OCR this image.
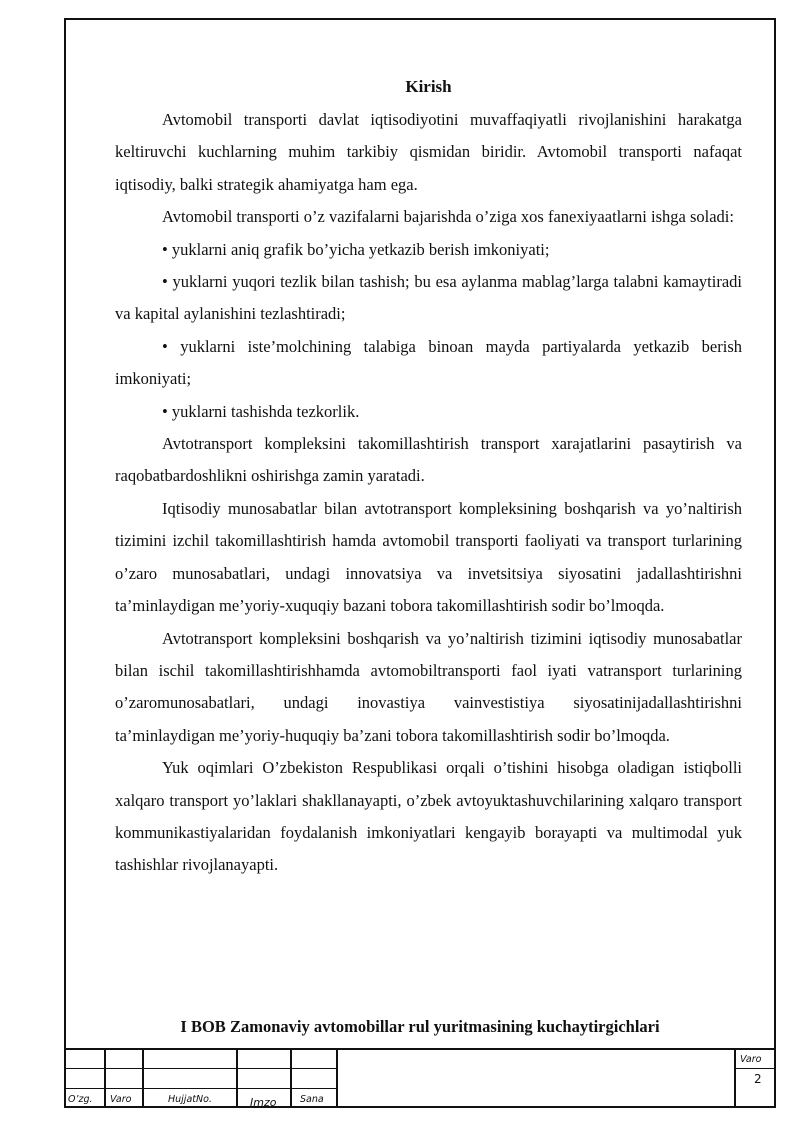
Kirish

Avtomobil transporti davlat iqtisodiyotini muvaffaqiyatli rivojlanishini harakatga keltiruvchi kuchlarning muhim tarkibiy qismidan biridir. Avtomobil transporti nafaqat iqtisodiy, balki strategik ahamiyatga ham ega.

Avtomobil transporti o’z vazifalarni bajarishda o’ziga xos fanexiyaatlarni ishga soladi:

• yuklarni aniq grafik bo’yicha yetkazib berish imkoniyati;

• yuklarni yuqori tezlik bilan tashish; bu esa aylanma mablag’larga talabni kamaytiradi va kapital aylanishini tezlashtiradi;

• yuklarni iste’molchining talabiga binoan mayda partiyalarda yetkazib berish imkoniyati;

• yuklarni tashishda tezkorlik.

Avtotransport kompleksini takomillashtirish transport xarajatlarini pasaytirish va raqobatbardoshlikni oshirishga zamin yaratadi.

Iqtisodiy munosabatlar bilan avtotransport kompleksining boshqarish va yo’naltirish tizimini izchil takomillashtirish hamda avtomobil transporti faoliyati va transport turlarining o’zaro munosabatlari, undagi innovatsiya va invetsitsiya siyosatini jadallashtirishni ta’minlaydigan me’yoriy-xuquqiy bazani tobora takomillashtirish sodir bo’lmoqda.

Avtotransport kompleksini boshqarish va yo’naltirish tizimini iqtisodiy munosabatlar bilan ischil takomillashtirishhamda avtomobiltransporti faol iyati vatransport turlarining o’zaromunosabatlari, undagi inovastiya vainvestistiya siyosatinijadallashtirishni ta’minlaydigan me’yoriy-huquqiy ba’zani tobora takomillashtirish sodir bo’lmoqda.

Yuk oqimlari O’zbekiston Respublikasi orqali o’tishini hisobga oladigan istiqbolli xalqaro transport yo’laklari shakllanayapti, o’zbek avtoyuktashuvchilarining xalqaro transport kommunikastiyalaridan foydalanish imkoniyatlari kengayib borayapti va multimodal yuk tashishlar rivojlanayapti.

I BOB Zamonaviy avtomobillar rul yuritmasining kuchaytirgichlari
O’zg. Varo	HujjatNo.	Imzo Sana
Varo
2
